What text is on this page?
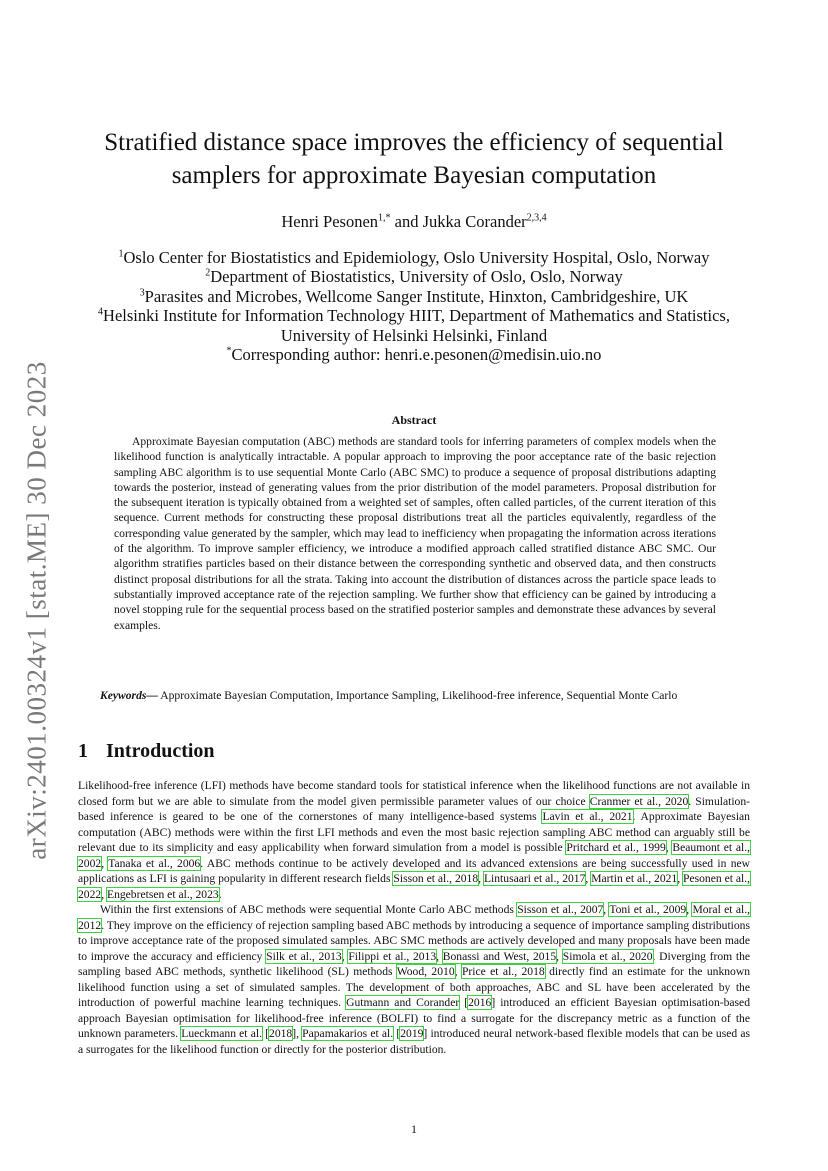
arXiv:2401.00324v1 [stat.ME] 30 Dec 2023
Stratified distance space improves the efficiency of sequential samplers for approximate Bayesian computation
Henri Pesonen$^{1,*}$ and Jukka Corander$^{2,3,4}$
$^1$Oslo Center for Biostatistics and Epidemiology, Oslo University Hospital, Oslo, Norway
$^2$Department of Biostatistics, University of Oslo, Oslo, Norway
$^3$Parasites and Microbes, Wellcome Sanger Institute, Hinxton, Cambridgeshire, UK
$^4$Helsinki Institute for Information Technology HIIT, Department of Mathematics and Statistics, University of Helsinki Helsinki, Finland
*Corresponding author: henri.e.pesonen@medisin.uio.no
Abstract

Approximate Bayesian computation (ABC) methods are standard tools for inferring parameters of complex models when the likelihood function is analytically intractable. A popular approach to improving the poor acceptance rate of the basic rejection sampling ABC algorithm is to use sequential Monte Carlo (ABC SMC) to produce a sequence of proposal distributions adapting towards the posterior, instead of generating values from the prior distribution of the model parameters. Proposal distribution for the subsequent iteration is typically obtained from a weighted set of samples, often called particles, of the current iteration of this sequence. Current methods for constructing these proposal distributions treat all the particles equivalently, regardless of the corresponding value generated by the sampler, which may lead to inefficiency when propagating the information across iterations of the algorithm. To improve sampler efficiency, we introduce a modified approach called stratified distance ABC SMC. Our algorithm stratifies particles based on their distance between the corresponding synthetic and observed data, and then constructs distinct proposal distributions for all the strata. Taking into account the distribution of distances across the particle space leads to substantially improved acceptance rate of the rejection sampling. We further show that efficiency can be gained by introducing a novel stopping rule for the sequential process based on the stratified posterior samples and demonstrate these advances by several examples.

Keywords— Approximate Bayesian Computation, Importance Sampling, Likelihood-free inference, Sequential Monte Carlo

1 Introduction

Likelihood-free inference (LFI) methods have become standard tools for statistical inference when the likelihood functions are not available in closed form but we are able to simulate from the model given permissible parameter values of our choice Cranmer et al., 2020. Simulation-based inference is geared to be one of the cornerstones of many intelligence-based systems Lavin et al., 2021. Approximate Bayesian computation (ABC) methods were within the first LFI methods and even the most basic rejection sampling ABC method can arguably still be relevant due to its simplicity and easy applicability when forward simulation from a model is possible Pritchard et al., 1999, Beaumont et al., 2002, Tanaka et al., 2006. ABC methods continue to be actively developed and its advanced extensions are being successfully used in new applications as LFI is gaining popularity in different research fields Sisson et al., 2018, Lintusaari et al., 2017, Martin et al., 2021, Pesonen et al., 2022, Engebretsen et al., 2023.

Within the first extensions of ABC methods were sequential Monte Carlo ABC methods Sisson et al., 2007, Toni et al., 2009, Moral et al., 2012. They improve on the efficiency of rejection sampling based ABC methods by introducing a sequence of importance sampling distributions to improve acceptance rate of the proposed simulated samples. ABC SMC methods are actively developed and many proposals have been made to improve the accuracy and efficiency Silk et al., 2013, Filippi et al., 2013, Bonassi and West, 2015, Simola et al., 2020. Diverging from the sampling based ABC methods, synthetic likelihood (SL) methods Wood, 2010, Price et al., 2018 directly find an estimate for the unknown likelihood function using a set of simulated samples. The development of both approaches, ABC and SL have been accelerated by the introduction of powerful machine learning techniques. Gutmann and Corander [2016] introduced an efficient Bayesian optimisation-based approach Bayesian optimisation for likelihood-free inference (BOLFI) to find a surrogate for the discrepancy metric as a function of the unknown parameters. Lueckmann et al. [2018], Papamakarios et al. [2019] introduced neural network-based flexible models that can be used as a surrogates for the likelihood function or directly for the posterior distribution.

1
